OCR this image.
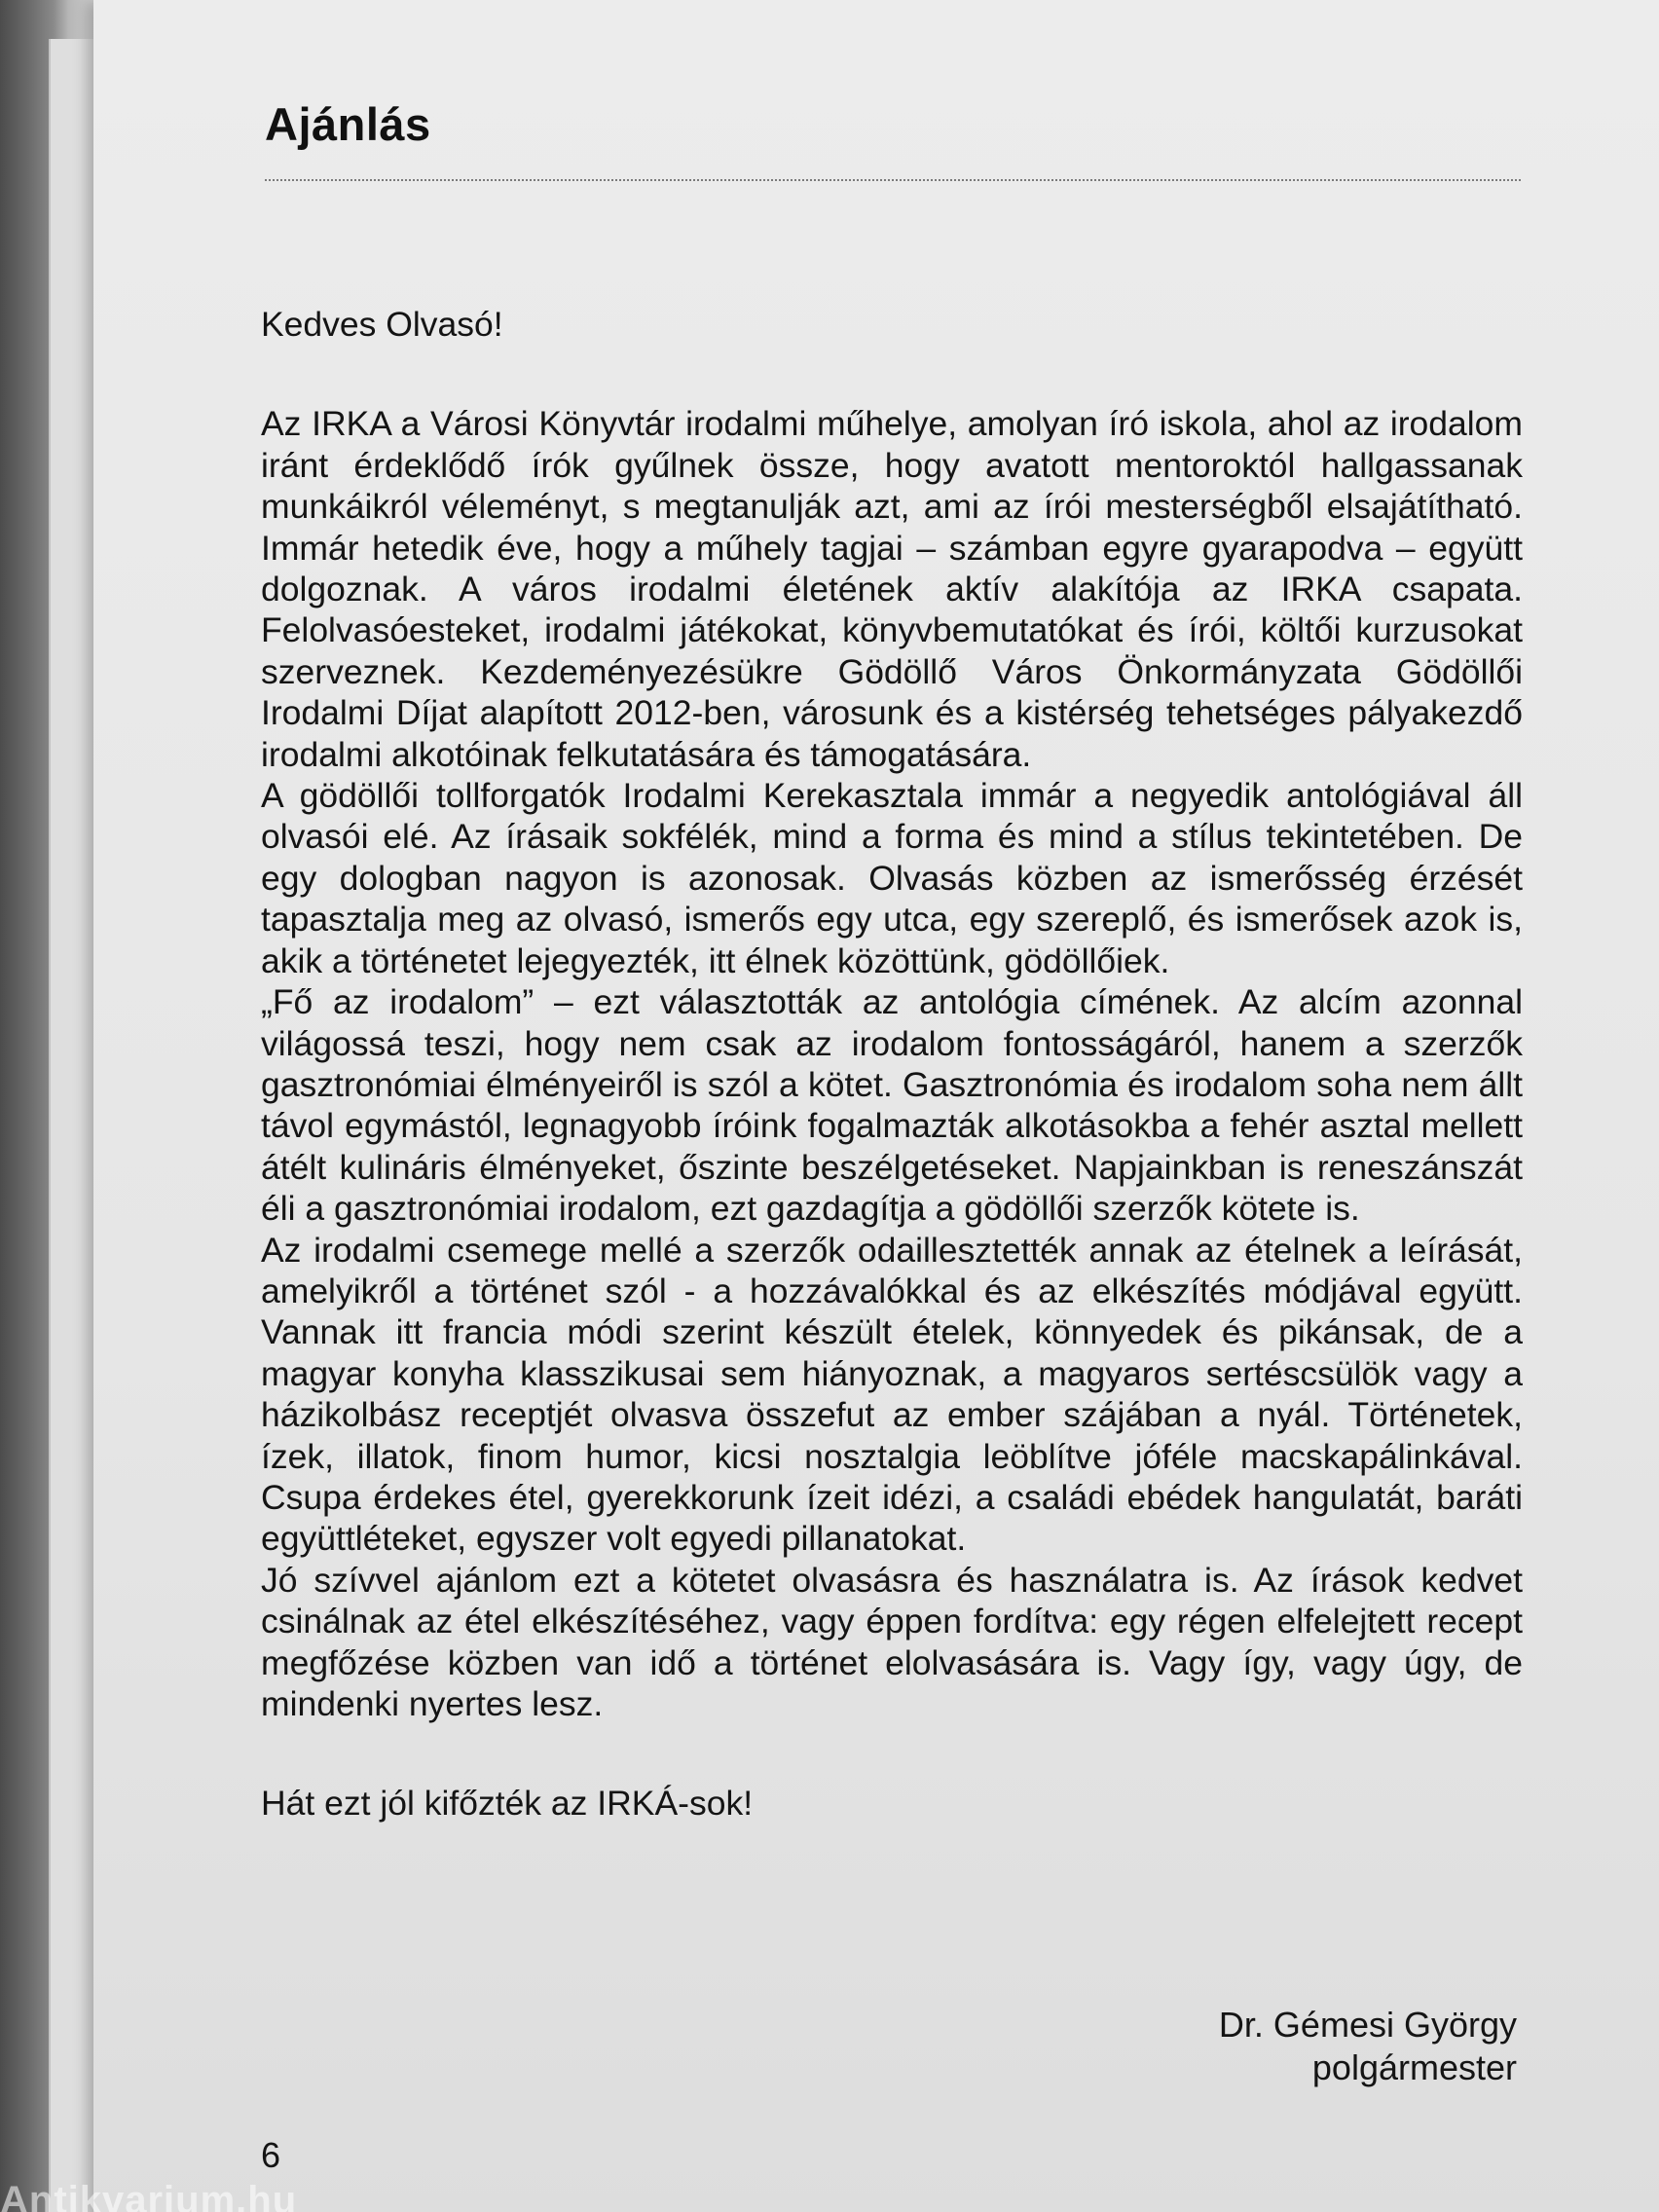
Ajánlás

Kedves Olvasó!

Az IRKA a Városi Könyvtár irodalmi műhelye, amolyan író iskola, ahol az irodalom iránt érdeklődő írók gyűlnek össze, hogy avatott mentoroktól hallgassanak munkáikról véleményt, s megtanulják azt, ami az írói mesterségből elsajátítható. Immár hetedik éve, hogy a műhely tagjai – számban egyre gyarapodva – együtt dolgoznak. A város irodalmi életének aktív alakítója az IRKA csapata. Felolvasóesteket, irodalmi játékokat, könyvbemutatókat és írói, költői kurzusokat szerveznek. Kezdeményezésükre Gödöllő Város Önkormányzata Gödöllői Irodalmi Díjat alapított 2012-ben, városunk és a kistérség tehetséges pályakezdő irodalmi alkotóinak felkutatására és támogatására.

A gödöllői tollforgatók Irodalmi Kerekasztala immár a negyedik antológiával áll olvasói elé. Az írásaik sokfélék, mind a forma és mind a stílus tekintetében. De egy dologban nagyon is azonosak. Olvasás közben az ismerősség érzését tapasztalja meg az olvasó, ismerős egy utca, egy szereplő, és ismerősek azok is, akik a történetet lejegyezték, itt élnek közöttünk, gödöllőiek.

„Fő az irodalom” – ezt választották az antológia címének. Az alcím azonnal világossá teszi, hogy nem csak az irodalom fontosságáról, hanem a szerzők gasztronómiai élményeiről is szól a kötet. Gasztronómia és irodalom soha nem állt távol egymástól, legnagyobb íróink fogalmazták alkotásokba a fehér asztal mellett átélt kulináris élményeket, őszinte beszélgetéseket. Napjainkban is reneszánszát éli a gasztronómiai irodalom, ezt gazdagítja a gödöllői szerzők kötete is.

Az irodalmi csemege mellé a szerzők odaillesztették annak az ételnek a leírását, amelyikről a történet szól - a hozzávalókkal és az elkészítés módjával együtt. Vannak itt francia módi szerint készült ételek, könnyedek és pikánsak, de a magyar konyha klasszikusai sem hiányoznak, a magyaros sertéscsülök vagy a házikolbász receptjét olvasva összefut az ember szájában a nyál. Történetek, ízek, illatok, finom humor, kicsi nosztalgia leöblítve jóféle macskapálinkával. Csupa érdekes étel, gyerekkorunk ízeit idézi, a családi ebédek hangulatát, baráti együttléteket, egyszer volt egyedi pillanatokat.

Jó szívvel ajánlom ezt a kötetet olvasásra és használatra is. Az írások kedvet csinálnak az étel elkészítéséhez, vagy éppen fordítva: egy régen elfelejtett recept megfőzése közben van idő a történet elolvasására is. Vagy így, vagy úgy, de mindenki nyertes lesz.

Hát ezt jól kifőzték az IRKÁ-sok!

Dr. Gémesi György
polgármester
6
Antikvarium.hu
